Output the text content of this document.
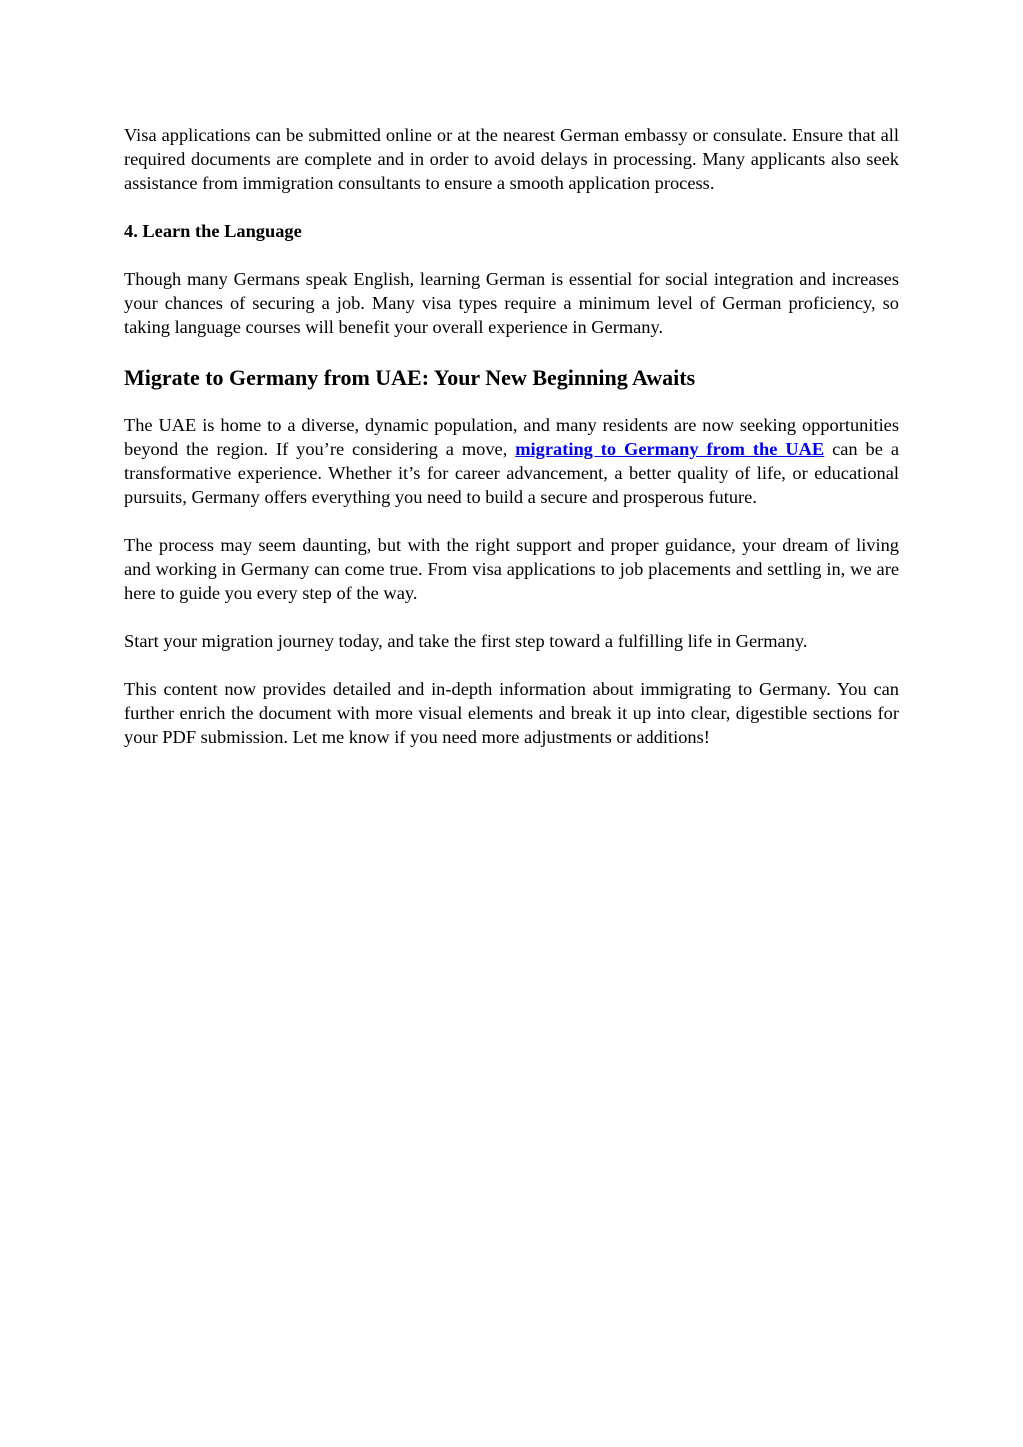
Visa applications can be submitted online or at the nearest German embassy or consulate. Ensure that all required documents are complete and in order to avoid delays in processing. Many applicants also seek assistance from immigration consultants to ensure a smooth application process.

4. Learn the Language

Though many Germans speak English, learning German is essential for social integration and increases your chances of securing a job. Many visa types require a minimum level of German proficiency, so taking language courses will benefit your overall experience in Germany.

Migrate to Germany from UAE: Your New Beginning Awaits

The UAE is home to a diverse, dynamic population, and many residents are now seeking opportunities beyond the region. If you’re considering a move, migrating to Germany from the UAE can be a transformative experience. Whether it’s for career advancement, a better quality of life, or educational pursuits, Germany offers everything you need to build a secure and prosperous future.

The process may seem daunting, but with the right support and proper guidance, your dream of living and working in Germany can come true. From visa applications to job placements and settling in, we are here to guide you every step of the way.

Start your migration journey today, and take the first step toward a fulfilling life in Germany.

This content now provides detailed and in-depth information about immigrating to Germany. You can further enrich the document with more visual elements and break it up into clear, digestible sections for your PDF submission. Let me know if you need more adjustments or additions!
